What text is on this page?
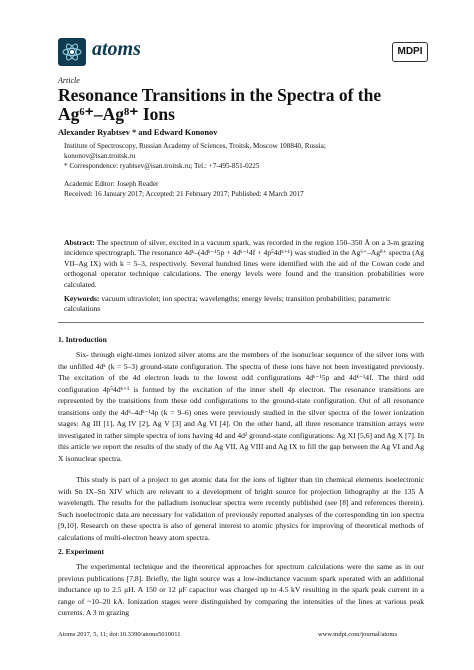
atoms	MDPI
Article
Resonance Transitions in the Spectra of the Ag⁶⁺–Ag⁸⁺ Ions
Alexander Ryabtsev * and Edward Kononov
Institute of Spectroscopy, Russian Academy of Sciences, Troitsk, Moscow 108840, Russia;
kononov@isan.troitsk.ru
* Correspondence: ryabtsev@isan.troitsk.ru; Tel.: +7-495-851-0225
Academic Editor: Joseph Reader
Received: 16 January 2017; Accepted: 21 February 2017; Published: 4 March 2017
Abstract: The spectrum of silver, excited in a vacuum spark, was recorded in the region 150–350 Å on a 3-m grazing incidence spectrograph. The resonance 4dᵏ–(4dᵏ⁻¹5p + 4dᵏ⁻¹4f + 4p⁵4dᵏ⁺¹) was studied in the Ag⁶⁺–Ag⁸⁺ spectra (Ag VII–Ag IX) with k = 5–3, respectively. Several hundred lines were identified with the aid of the Cowan code and orthogonal operator technique calculations. The energy levels were found and the transition probabilities were calculated.
Keywords: vacuum ultraviolet; ion spectra; wavelengths; energy levels; transition probabilities; parametric calculations
1. Introduction

Six- through eight-times ionized silver atoms are the members of the isonuclear sequence of the silver ions with the unfilled 4dᵏ (k = 5–3) ground-state configuration. The spectra of these ions have not been investigated previously. The excitation of the 4d electron leads to the lowest odd configurations 4dᵏ⁻¹5p and 4dᵏ⁻¹4f. The third odd configuration 4p⁵4dᵏ⁺¹ is formed by the excitation of the inner shell 4p electron. The resonance transitions are represented by the transitions from these odd configurations to the ground-state configuration. Out of all resonance transitions only the 4dᵏ–4dᵏ⁻¹4p (k = 9–6) ones were previously studied in the silver spectra of the lower ionization stages: Ag III [1], Ag IV [2], Ag V [3] and Ag VI [4]. On the other hand, all three resonance transition arrays were investigated in rather simple spectra of ions having 4d and 4d² ground-state configurations: Ag XI [5,6] and Ag X [7]. In this article we report the results of the study of the Ag VII, Ag VIII and Ag IX to fill the gap between the Ag VI and Ag X isonuclear spectra.

This study is part of a project to get atomic data for the ions of lighter than tin chemical elements isoelectronic with Sn IX–Sn XIV which are relevant to a development of bright source for projection lithography at the 135 Å wavelength. The results for the palladium isonuclear spectra were recently published (see [8] and references therein). Such isoelectronic data are necessary for validation of previously reported analyses of the corresponding tin ion spectra [9,10]. Research on these spectra is also of general interest to atomic physics for improving of theoretical methods of calculations of multi-electron heavy atom spectra.

2. Experiment

The experimental technique and the theoretical approaches for spectrum calculations were the same as in our previous publications [7,8]. Briefly, the light source was a low-inductance vacuum spark operated with an additional inductance up to 2.5 μH. A 150 or 12 μF capacitor was charged up to 4.5 kV resulting in the spark peak current in a range of ~10–20 kA. Ionization stages were distinguished by comparing the intensities of the lines at various peak currents. A 3 m grazing

Atoms 2017, 5, 11; doi:10.3390/atoms5010011	www.mdpi.com/journal/atoms
